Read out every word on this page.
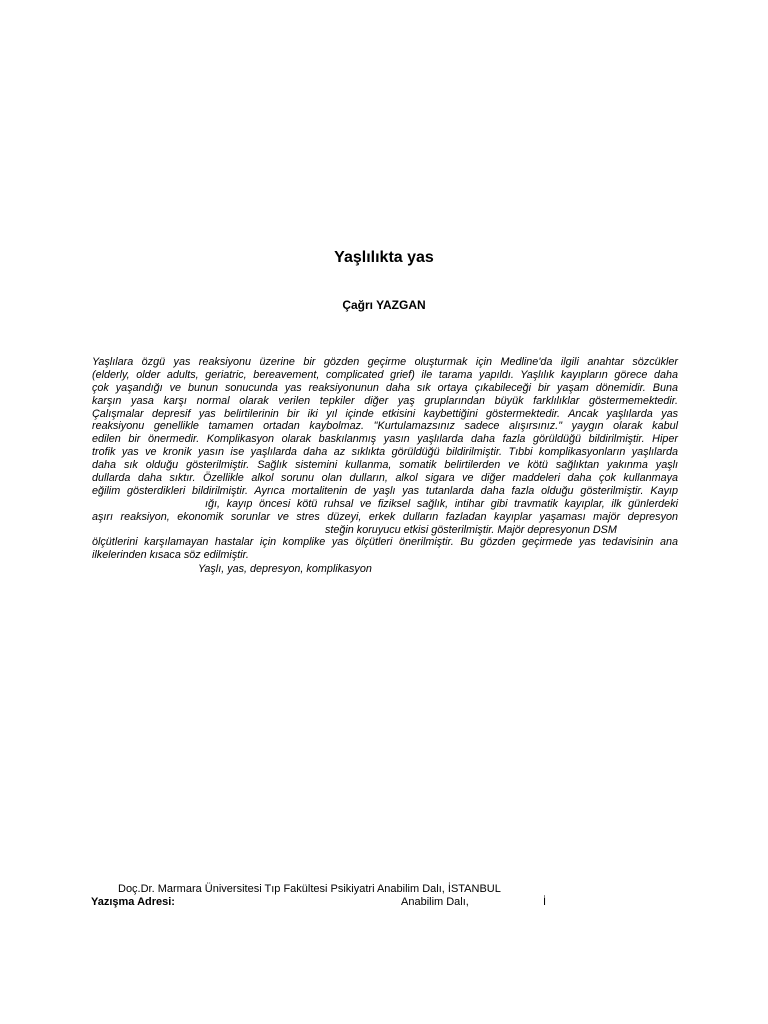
Yaşlılıkta yas
Çağrı YAZGAN
Yaşlılara özgü yas reaksiyonu üzerine bir gözden geçirme oluşturmak için Medline'da ilgili anahtar sözcükler
(elderly, older adults, geriatric, bereavement, complicated grief) ile tarama yapıldı. Yaşlılık kayıpların görece daha
çok yaşandığı ve bunun sonucunda yas reaksiyonunun daha sık ortaya çıkabileceği bir yaşam dönemidir. Buna
karşın yasa karşı normal olarak verilen tepkiler diğer yaş gruplarından büyük farklılıklar göstermemektedir.
Çalışmalar depresif yas belirtilerinin bir iki yıl içinde etkisini kaybettiğini göstermektedir. Ancak yaşlılarda yas
reaksiyonu genellikle tamamen ortadan kaybolmaz. "Kurtulamazsınız sadece alışırsınız." yaygın olarak kabul
edilen bir önermedir. Komplikasyon olarak baskılanmış yasın yaşlılarda daha fazla görüldüğü bildirilmiştir. Hiper
trofik yas ve kronik yasın ise yaşlılarda daha az sıklıkta görüldüğü bildirilmiştir. Tıbbi komplikasyonların yaşlılarda
daha sık olduğu gösterilmiştir. Sağlık sistemini kullanma, somatik belirtilerden ve kötü sağlıktan yakınma yaşlı
dullarda daha sıktır. Özellikle alkol sorunu olan dulların, alkol sigara ve diğer maddeleri daha çok kullanmaya
eğilim gösterdikleri bildirilmiştir. Ayrıca mortalitenin de yaşlı yas tutanlarda daha fazla olduğu gösterilmiştir. Kayıp
ığı, kayıp öncesi kötü ruhsal ve fiziksel sağlık, intihar gibi travmatik kayıplar, ilk günlerdeki
aşırı reaksiyon, ekonomik sorunlar ve stres düzeyi, erkek dulların fazladan kayıplar yaşaması majör depresyon
steğin koruyucu etkisi gösterilmiştir. Majör depresyonun DSM
ölçütlerini karşılamayan hastalar için komplike yas ölçütleri önerilmiştir. Bu gözden geçirmede yas tedavisinin ana
ilkelerinden kısaca söz edilmiştir.
Yaşlı, yas, depresyon, komplikasyon
Doç.Dr. Marmara Üniversitesi Tıp Fakültesi Psikiyatri Anabilim Dalı, İSTANBUL
Yazışma Adresi:	Anabilim Dalı,	İ
